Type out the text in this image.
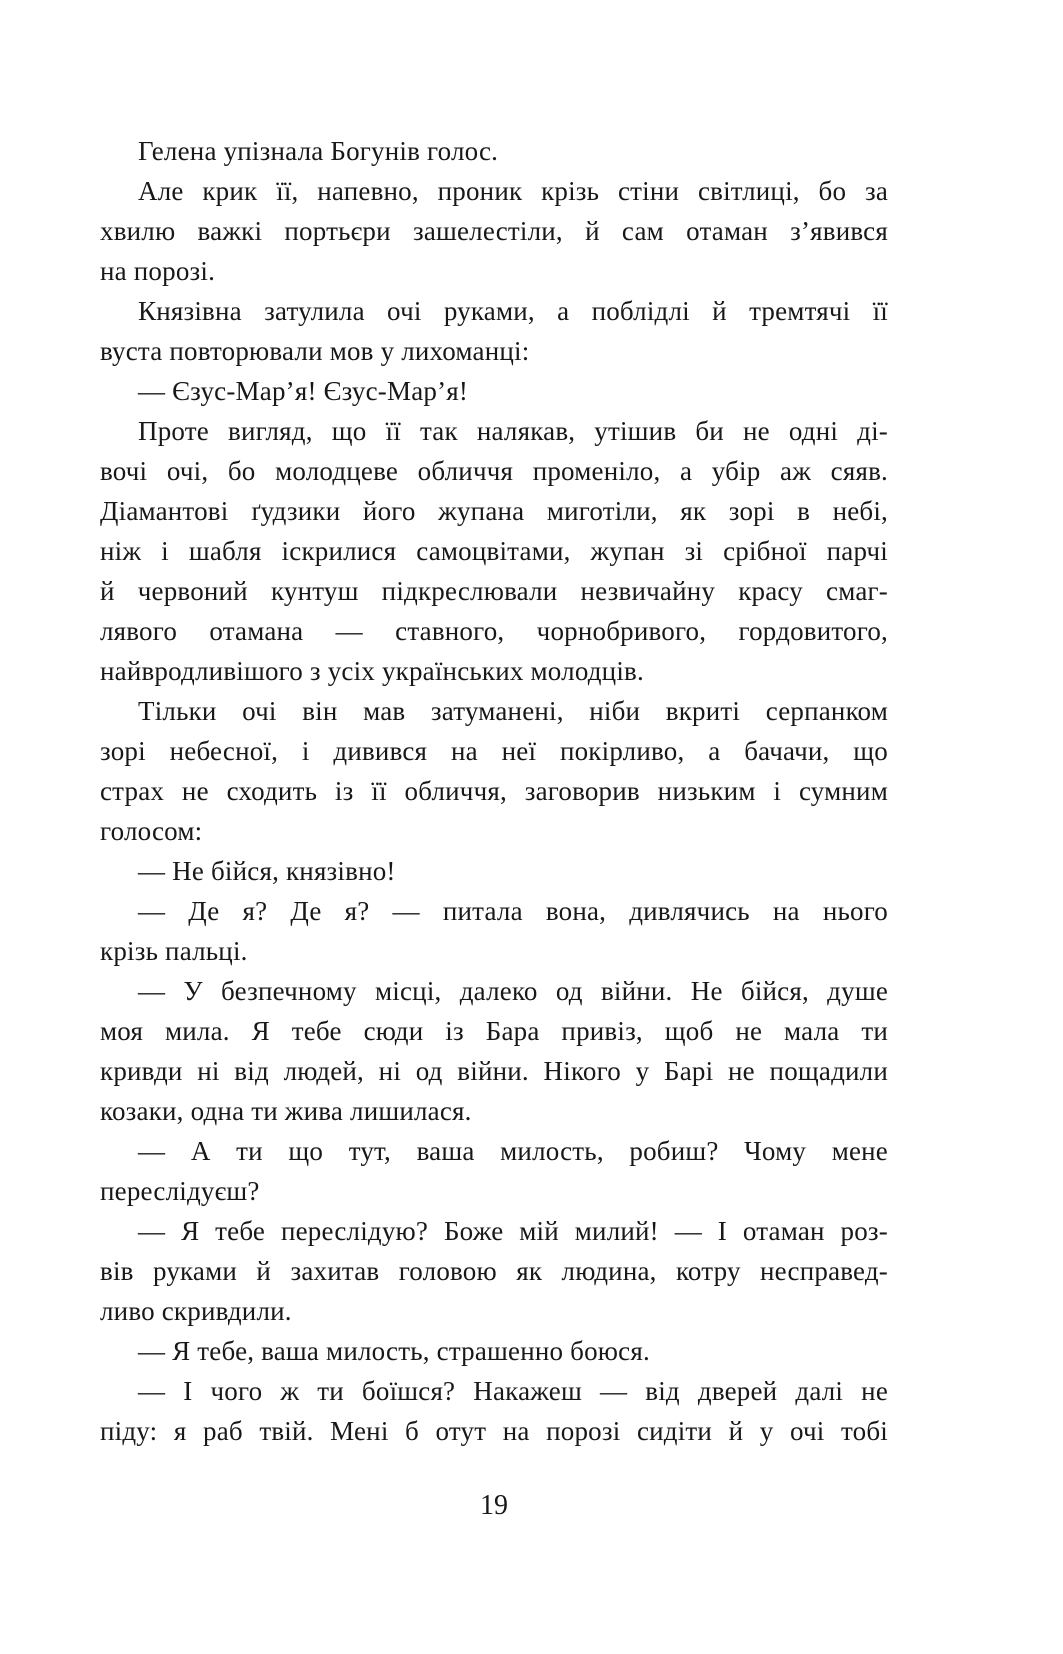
Гелена упізнала Богунів голос.

Але крик її, напевно, проник крізь стіни світлиці, бо за

хвилю важкі портьєри зашелестіли, й сам отаман з’явився

на порозі.

Князівна затулила очі руками, а поблідлі й тремтячі її

вуста повторювали мов у лихоманці:

— Єзус-Мар’я! Єзус-Мар’я!

Проте вигляд, що її так налякав, утішив би не одні ді-

вочі очі, бо молодцеве обличчя променіло, а убір аж сяяв.

Діамантові ґудзики його жупана миготіли, як зорі в небі,

ніж і шабля іскрилися самоцвітами, жупан зі срібної парчі

й червоний кунтуш підкреслювали незвичайну красу смаг-

лявого отамана — ставного, чорнобривого, гордовитого,

найвродливішого з усіх українських молодців.

Тільки очі він мав затуманені, ніби вкриті серпанком

зорі небесної, і дивився на неї покірливо, а бачачи, що

страх не сходить із її обличчя, заговорив низьким і сумним

голосом:

— Не бійся, князівно!

— Де я? Де я? — питала вона, дивлячись на нього

крізь пальці.

— У безпечному місці, далеко од війни. Не бійся, душе

моя мила. Я тебе сюди із Бара привіз, щоб не мала ти

кривди ні від людей, ні од війни. Нікого у Барі не пощадили

козаки, одна ти жива лишилася.

— А ти що тут, ваша милость, робиш? Чому мене

переслідуєш?

— Я тебе переслідую? Боже мій милий! — І отаман роз-

вів руками й захитав головою як людина, котру несправед-

ливо скривдили.

— Я тебе, ваша милость, страшенно боюся.

— І чого ж ти боїшся? Накажеш — від дверей далі не

піду: я раб твій. Мені б отут на порозі сидіти й у очі тобі

19
